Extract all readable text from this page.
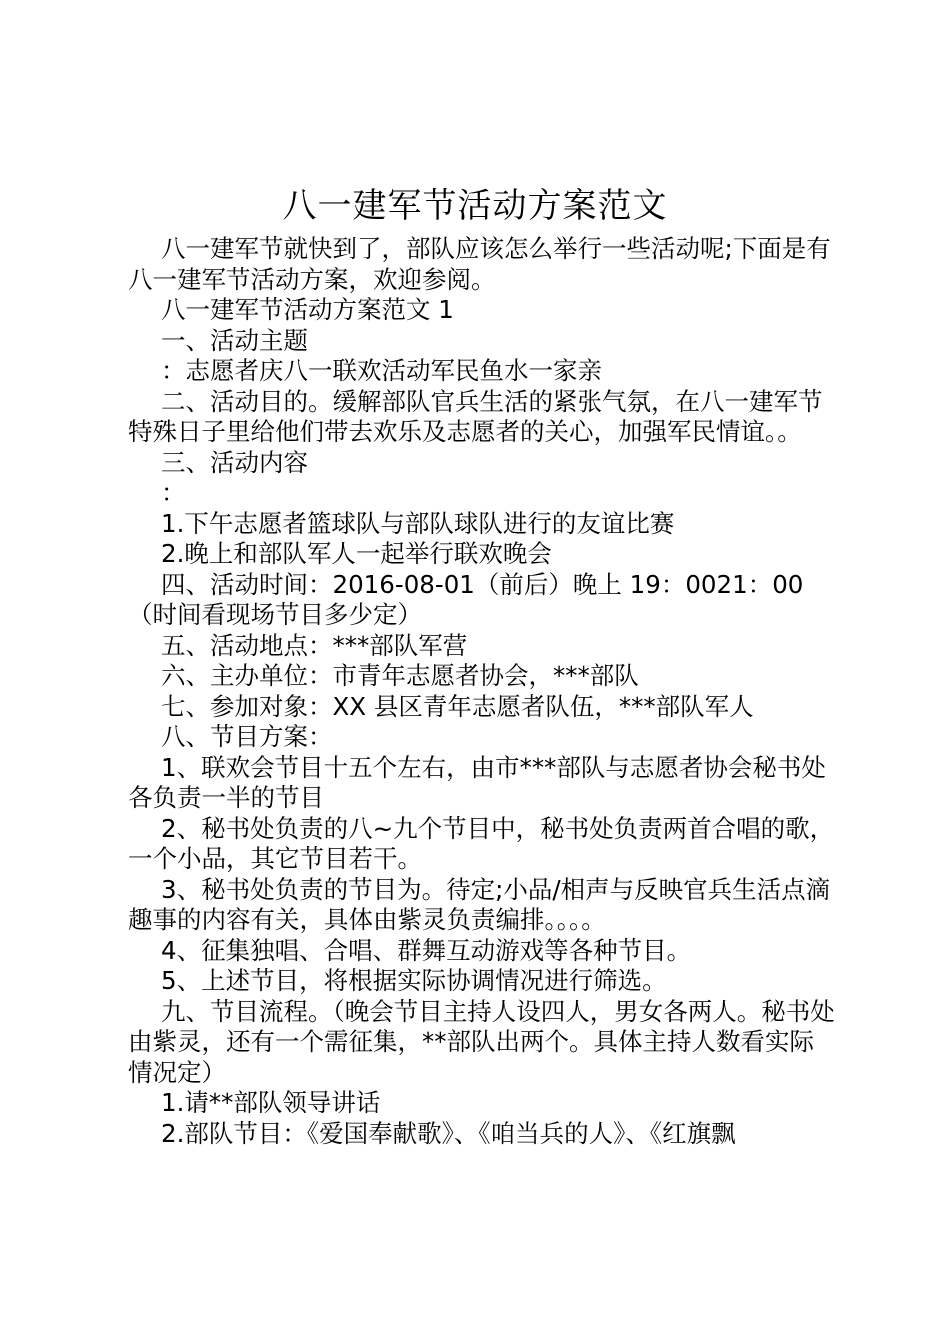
八一建军节活动方案范文

八一建军节就快到了，部队应该怎么举行一些活动呢;下面是有八一建军节活动方案，欢迎参阅。

八一建军节活动方案范文 1

一、活动主题

：志愿者庆八一联欢活动军民鱼水一家亲

二、活动目的。缓解部队官兵生活的紧张气氛，在八一建军节特殊日子里给他们带去欢乐及志愿者的关心，加强军民情谊。。

三、活动内容

：

1.下午志愿者篮球队与部队球队进行的友谊比赛

2.晚上和部队军人一起举行联欢晚会

四、活动时间：2016-08-01（前后）晚上 19：0021：00（时间看现场节目多少定）

五、活动地点：***部队军营

六、主办单位：市青年志愿者协会，***部队

七、参加对象：XX 县区青年志愿者队伍，***部队军人

八、节目方案：

1、联欢会节目十五个左右，由市***部队与志愿者协会秘书处各负责一半的节目

2、秘书处负责的八~九个节目中，秘书处负责两首合唱的歌，一个小品，其它节目若干。

3、秘书处负责的节目为。待定;小品/相声与反映官兵生活点滴趣事的内容有关，具体由紫灵负责编排。。。。

4、征集独唱、合唱、群舞互动游戏等各种节目。

5、上述节目，将根据实际协调情况进行筛选。

九、节目流程。（晚会节目主持人设四人，男女各两人。秘书处由紫灵，还有一个需征集，**部队出两个。具体主持人数看实际情况定）

1.请**部队领导讲话

2.部队节目：《爱国奉献歌》、《咱当兵的人》、《红旗飘
